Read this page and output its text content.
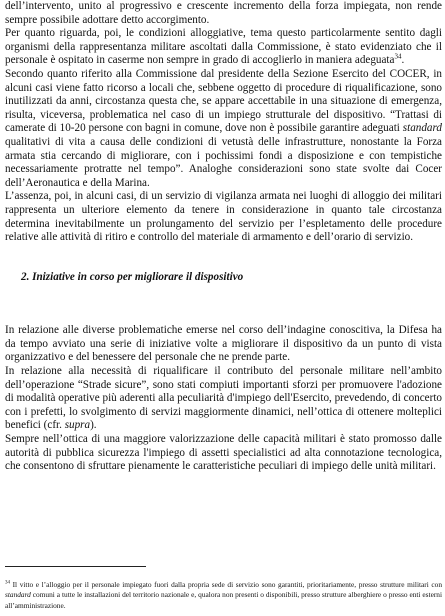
dell’intervento, unito al progressivo e crescente incremento della forza impiegata, non rende sempre possibile adottare detto accorgimento.

Per quanto riguarda, poi, le condizioni alloggiative, tema questo particolarmente sentito dagli organismi della rappresentanza militare ascoltati dalla Commissione, è stato evidenziato che il personale è ospitato in caserme non sempre in grado di accoglierlo in maniera adeguata$^{34}$.

Secondo quanto riferito alla Commissione dal presidente della Sezione Esercito del COCER, in alcuni casi viene fatto ricorso a locali che, sebbene oggetto di procedure di riqualificazione, sono inutilizzati da anni, circostanza questa che, se appare accettabile in una situazione di emergenza, risulta, viceversa, problematica nel caso di un impiego strutturale del dispositivo. “Trattasi di camerate di 10-20 persone con bagni in comune, dove non è possibile garantire adeguati standard qualitativi di vita a causa delle condizioni di vetustà delle infrastrutture, nonostante la Forza armata stia cercando di migliorare, con i pochissimi fondi a disposizione e con tempistiche necessariamente protratte nel tempo”. Analoghe considerazioni sono state svolte dai Cocer dell’Aeronautica e della Marina.

L’assenza, poi, in alcuni casi, di un servizio di vigilanza armata nei luoghi di alloggio dei militari rappresenta un ulteriore elemento da tenere in considerazione in quanto tale circostanza determina inevitabilmente un prolungamento del servizio per l’espletamento delle procedure relative alle attività di ritiro e controllo del materiale di armamento e dell’orario di servizio.

2. Iniziative in corso per migliorare il dispositivo

In relazione alle diverse problematiche emerse nel corso dell’indagine conoscitiva, la Difesa ha da tempo avviato una serie di iniziative volte a migliorare il dispositivo da un punto di vista organizzativo e del benessere del personale che ne prende parte.

In relazione alla necessità di riqualificare il contributo del personale militare nell’ambito dell’operazione “Strade sicure”, sono stati compiuti importanti sforzi per promuovere l'adozione di modalità operative più aderenti alla peculiarità d'impiego dell'Esercito, prevedendo, di concerto con i prefetti, lo svolgimento di servizi maggiormente dinamici, nell’ottica di ottenere molteplici benefici (cfr. supra).

Sempre nell’ottica di una maggiore valorizzazione delle capacità militari è stato promosso dalle autorità di pubblica sicurezza l'impiego di assetti specialistici ad alta connotazione tecnologica, che consentono di sfruttare pienamente le caratteristiche peculiari di impiego delle unità militari.

$^{34}$ Il vitto e l’alloggio per il personale impiegato fuori dalla propria sede di servizio sono garantiti, prioritariamente, presso strutture militari con standard comuni a tutte le installazioni del territorio nazionale e, qualora non presenti o disponibili, presso strutture alberghiere o presso enti esterni all’amministrazione.
